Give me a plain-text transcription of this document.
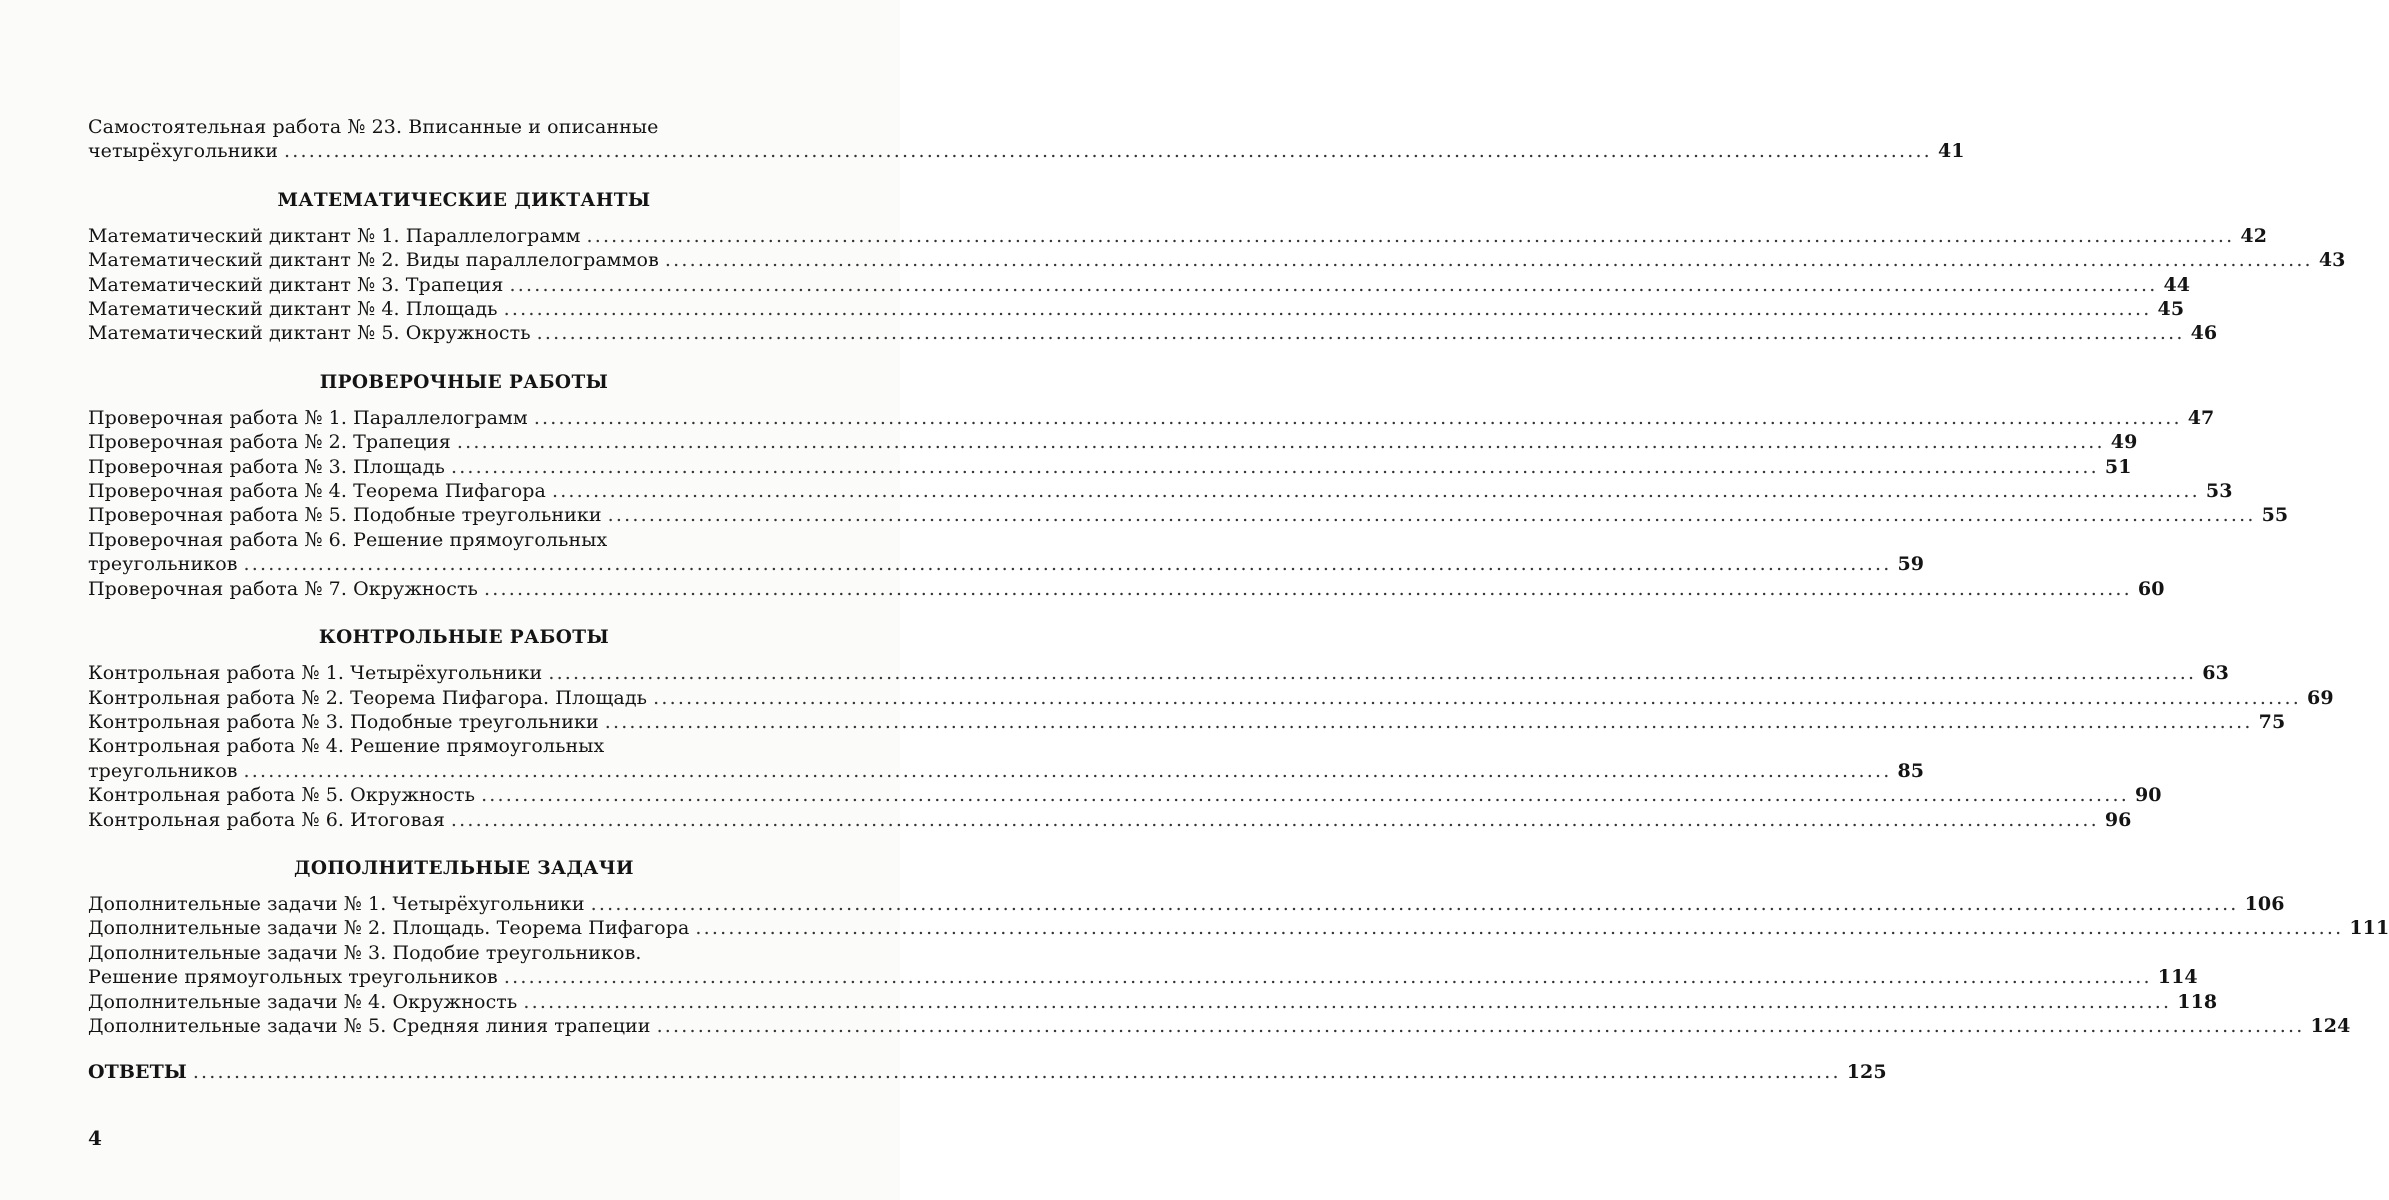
Самостоятельная работа № 23. Вписанные и описанные
четырёхугольники ........................................................................................................................................................................................................ 41
МАТЕМАТИЧЕСКИЕ ДИКТАНТЫ
Математический диктант № 1. Параллелограмм ........................................................................................................................................................................................................ 42
Математический диктант № 2. Виды параллелограммов ........................................................................................................................................................................................................ 43
Математический диктант № 3. Трапеция ........................................................................................................................................................................................................ 44
Математический диктант № 4. Площадь ........................................................................................................................................................................................................ 45
Математический диктант № 5. Окружность ........................................................................................................................................................................................................ 46
ПРОВЕРОЧНЫЕ РАБОТЫ
Проверочная работа № 1. Параллелограмм ........................................................................................................................................................................................................ 47
Проверочная работа № 2. Трапеция ........................................................................................................................................................................................................ 49
Проверочная работа № 3. Площадь ........................................................................................................................................................................................................ 51
Проверочная работа № 4. Теорема Пифагора ........................................................................................................................................................................................................ 53
Проверочная работа № 5. Подобные треугольники ........................................................................................................................................................................................................ 55
Проверочная работа № 6. Решение прямоугольных
треугольников ........................................................................................................................................................................................................ 59
Проверочная работа № 7. Окружность ........................................................................................................................................................................................................ 60
КОНТРОЛЬНЫЕ РАБОТЫ
Контрольная работа № 1. Четырёхугольники ........................................................................................................................................................................................................ 63
Контрольная работа № 2. Теорема Пифагора. Площадь ........................................................................................................................................................................................................ 69
Контрольная работа № 3. Подобные треугольники ........................................................................................................................................................................................................ 75
Контрольная работа № 4. Решение прямоугольных
треугольников ........................................................................................................................................................................................................ 85
Контрольная работа № 5. Окружность ........................................................................................................................................................................................................ 90
Контрольная работа № 6. Итоговая ........................................................................................................................................................................................................ 96
ДОПОЛНИТЕЛЬНЫЕ ЗАДАЧИ
Дополнительные задачи № 1. Четырёхугольники ........................................................................................................................................................................................................ 106
Дополнительные задачи № 2. Площадь. Теорема Пифагора ........................................................................................................................................................................................................ 111
Дополнительные задачи № 3. Подобие треугольников.
Решение прямоугольных треугольников ........................................................................................................................................................................................................ 114
Дополнительные задачи № 4. Окружность ........................................................................................................................................................................................................ 118
Дополнительные задачи № 5. Средняя линия трапеции ........................................................................................................................................................................................................ 124
ОТВЕТЫ ........................................................................................................................................................................................................ 125
4
